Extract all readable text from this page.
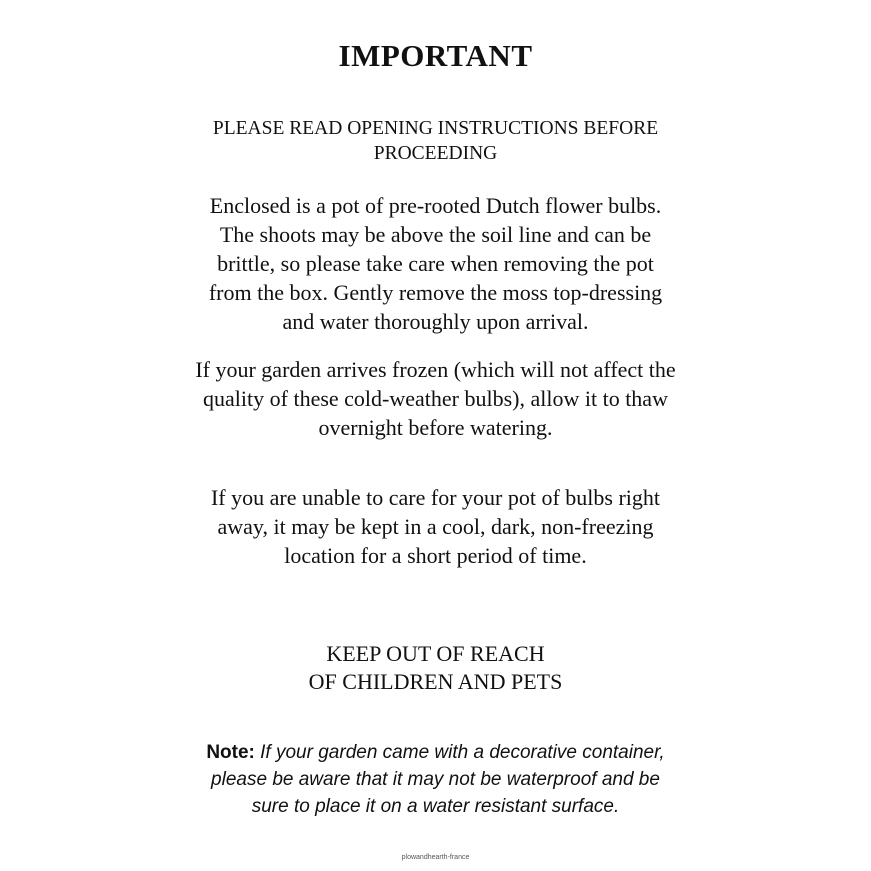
IMPORTANT
PLEASE READ OPENING INSTRUCTIONS BEFORE
PROCEEDING
Enclosed is a pot of pre-rooted Dutch flower bulbs.
The shoots may be above the soil line and can be
brittle, so please take care when removing the pot
from the box. Gently remove the moss top-dressing
and water thoroughly upon arrival.
If your garden arrives frozen (which will not affect the
quality of these cold-weather bulbs), allow it to thaw
overnight before watering.
If you are unable to care for your pot of bulbs right
away, it may be kept in a cool, dark, non-freezing
location for a short period of time.
KEEP OUT OF REACH
OF CHILDREN AND PETS
Note: If your garden came with a decorative container,
please be aware that it may not be waterproof and be
sure to place it on a water resistant surface.
plowandhearth-france
